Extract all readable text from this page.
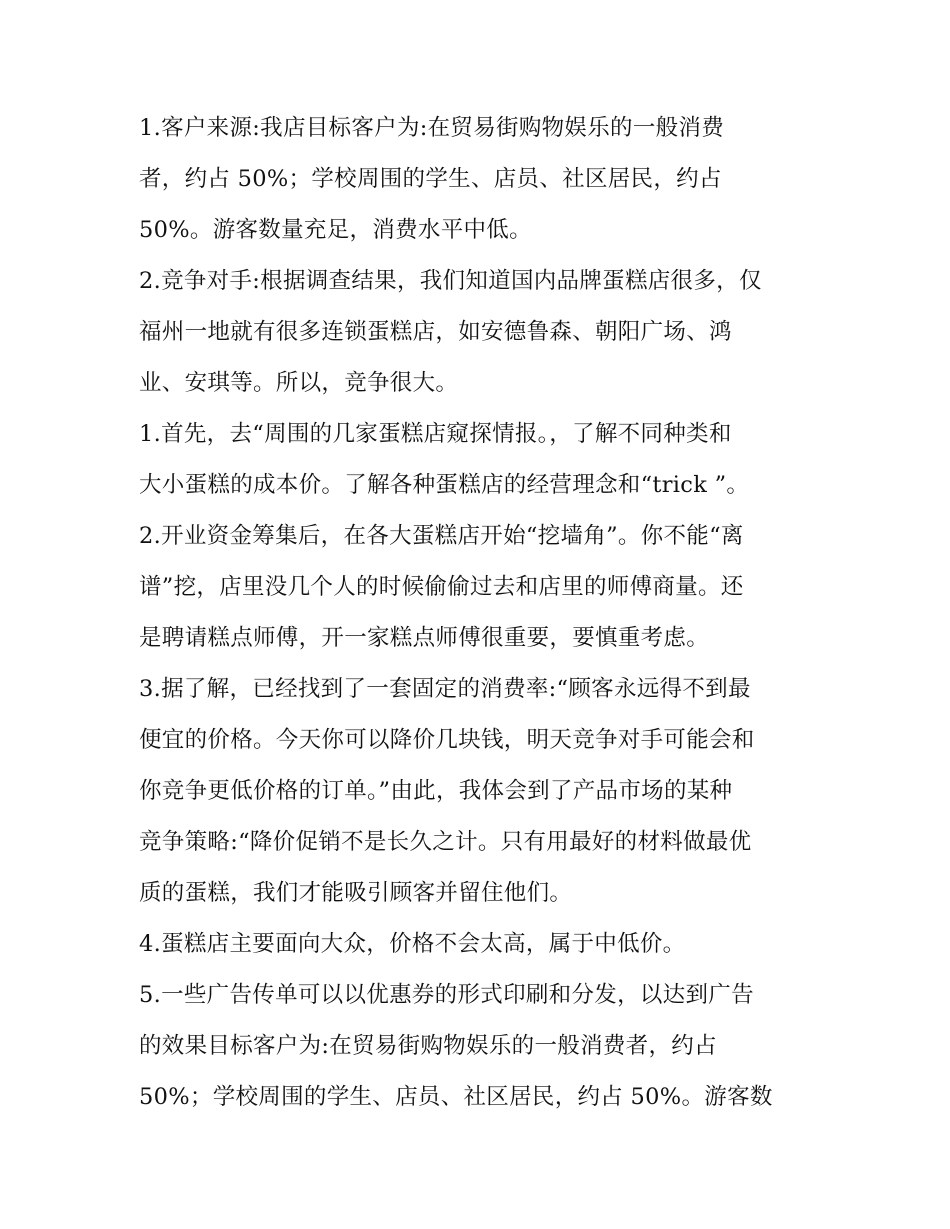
1.客户来源:我店目标客户为:在贸易街购物娱乐的一般消费
者，约占 50%；学校周围的学生、店员、社区居民，约占
50%。游客数量充足，消费水平中低。
2.竞争对手:根据调查结果，我们知道国内品牌蛋糕店很多，仅
福州一地就有很多连锁蛋糕店，如安德鲁森、朝阳广场、鸿
业、安琪等。所以，竞争很大。
1.首先，去“周围的几家蛋糕店窥探情报。，了解不同种类和
大小蛋糕的成本价。了解各种蛋糕店的经营理念和“trick ”。
2.开业资金筹集后，在各大蛋糕店开始“挖墙角”。你不能“离
谱”挖，店里没几个人的时候偷偷过去和店里的师傅商量。还
是聘请糕点师傅，开一家糕点师傅很重要，要慎重考虑。
3.据了解，已经找到了一套固定的消费率:“顾客永远得不到最
便宜的价格。今天你可以降价几块钱，明天竞争对手可能会和
你竞争更低价格的订单。”由此，我体会到了产品市场的某种
竞争策略:“降价促销不是长久之计。只有用最好的材料做最优
质的蛋糕，我们才能吸引顾客并留住他们。
4.蛋糕店主要面向大众，价格不会太高，属于中低价。
5.一些广告传单可以以优惠券的形式印刷和分发，以达到广告
的效果目标客户为:在贸易街购物娱乐的一般消费者，约占
50%；学校周围的学生、店员、社区居民，约占 50%。游客数
